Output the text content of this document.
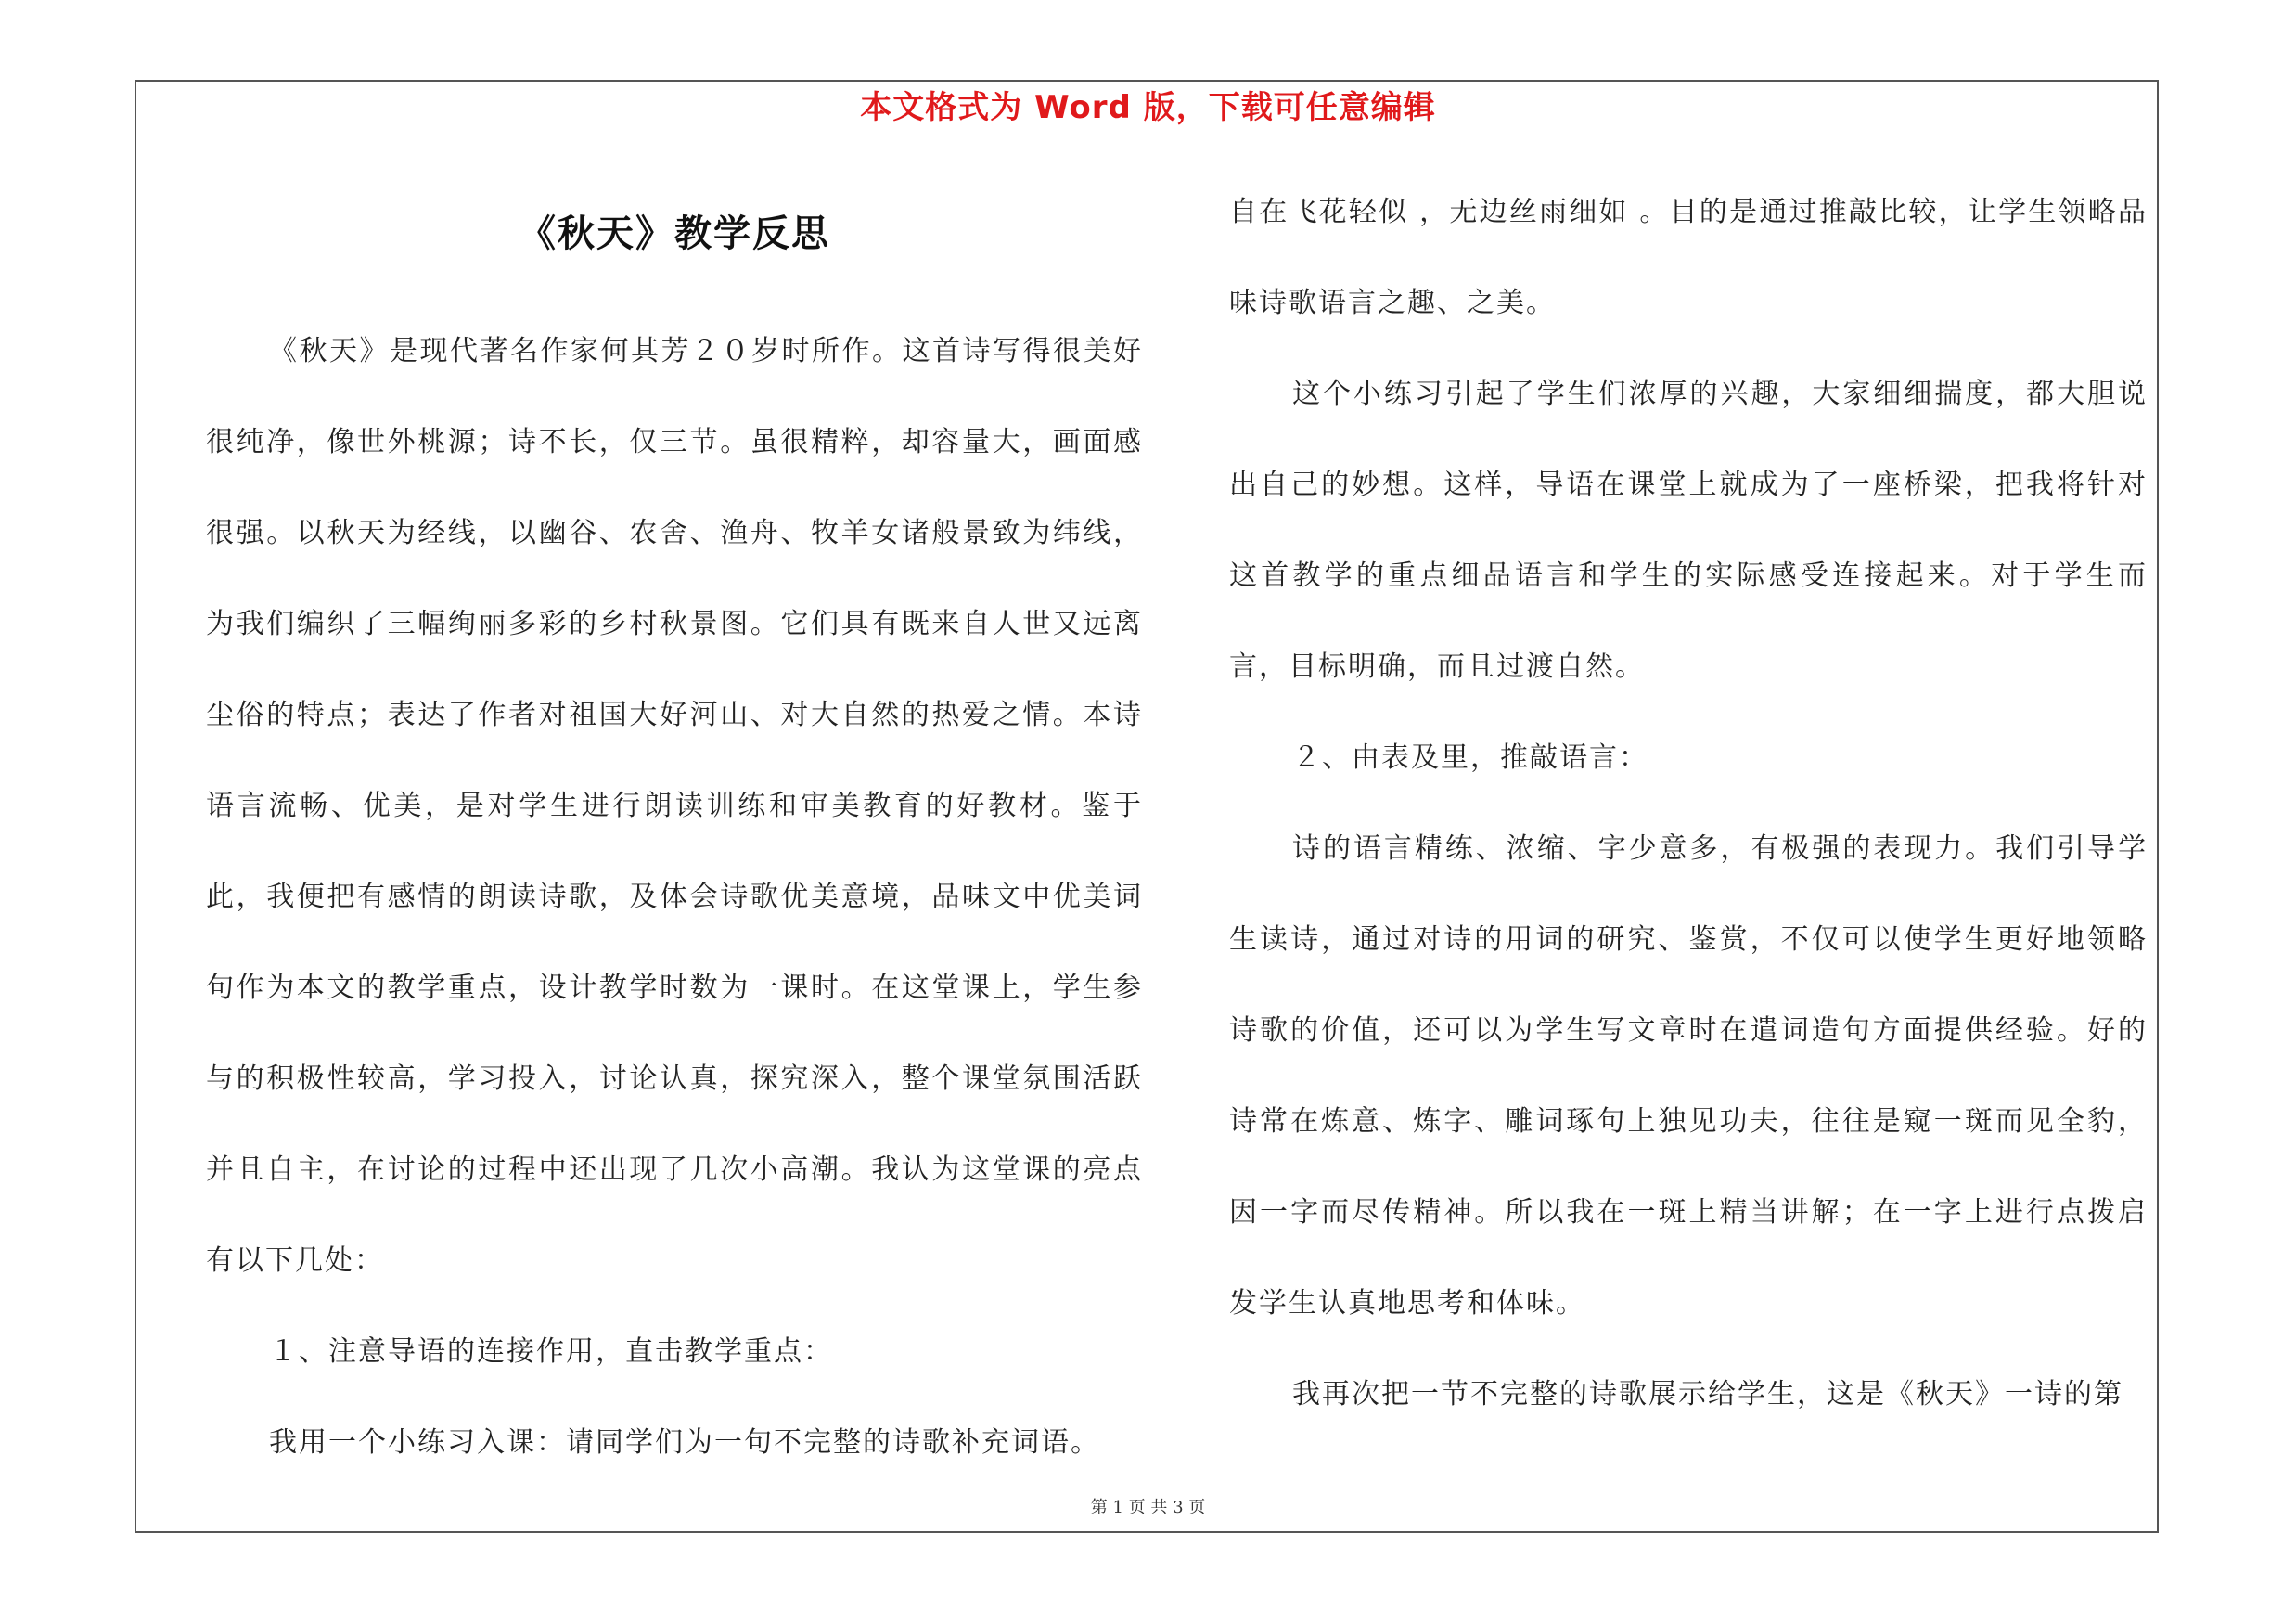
本文格式为 Word 版，下载可任意编辑
《秋天》教学反思

《秋天》是现代著名作家何其芳２０岁时所作。这首诗写得很美好很纯净，像世外桃源；诗不长，仅三节。虽很精粹，却容量大，画面感很强。以秋天为经线，以幽谷、农舍、渔舟、牧羊女诸般景致为纬线，为我们编织了三幅绚丽多彩的乡村秋景图。它们具有既来自人世又远离尘俗的特点；表达了作者对祖国大好河山、对大自然的热爱之情。本诗语言流畅、优美，是对学生进行朗读训练和审美教育的好教材。鉴于此，我便把有感情的朗读诗歌，及体会诗歌优美意境，品味文中优美词句作为本文的教学重点，设计教学时数为一课时。在这堂课上，学生参与的积极性较高，学习投入，讨论认真，探究深入，整个课堂氛围活跃并且自主，在讨论的过程中还出现了几次小高潮。我认为这堂课的亮点有以下几处：

１、注意导语的连接作用，直击教学重点：

我用一个小练习入课：请同学们为一句不完整的诗歌补充词语。

自在飞花轻似 ，无边丝雨细如 。目的是通过推敲比较，让学生领略品味诗歌语言之趣、之美。

这个小练习引起了学生们浓厚的兴趣，大家细细揣度，都大胆说出自己的妙想。这样，导语在课堂上就成为了一座桥梁，把我将针对这首教学的重点细品语言和学生的实际感受连接起来。对于学生而言，目标明确，而且过渡自然。

２、由表及里，推敲语言：

诗的语言精练、浓缩、字少意多，有极强的表现力。我们引导学生读诗，通过对诗的用词的研究、鉴赏，不仅可以使学生更好地领略诗歌的价值，还可以为学生写文章时在遣词造句方面提供经验。好的诗常在炼意、炼字、雕词琢句上独见功夫，往往是窥一斑而见全豹，因一字而尽传精神。所以我在一斑上精当讲解；在一字上进行点拨启发学生认真地思考和体味。

我再次把一节不完整的诗歌展示给学生，这是《秋天》一诗的第

第 1 页 共 3 页
